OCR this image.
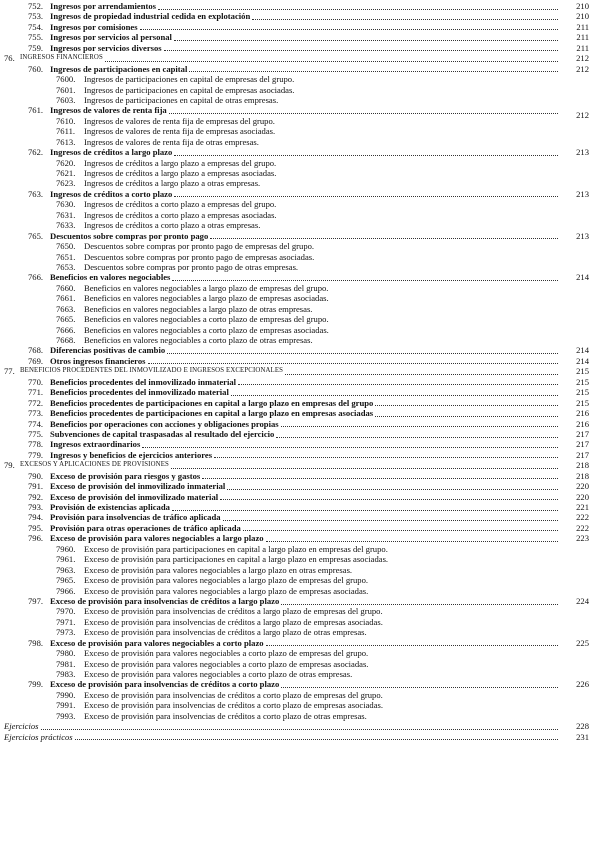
752. Ingresos por arrendamientos	210
753. Ingresos de propiedad industrial cedida en explotación	210
754. Ingresos por comisiones	211
755. Ingresos por servicios al personal	211
759. Ingresos por servicios diversos	211
76. INGRESOS FINANCIEROS	212
760. Ingresos de participaciones en capital	212
7600. Ingresos de participaciones en capital de empresas del grupo.
7601. Ingresos de participaciones en capital de empresas asociadas.
7603. Ingresos de participaciones en capital de otras empresas.
761. Ingresos de valores de renta fija	212
7610. Ingresos de valores de renta fija de empresas del grupo.
7611. Ingresos de valores de renta fija de empresas asociadas.
7613. Ingresos de valores de renta fija de otras empresas.
762. Ingresos de créditos a largo plazo	213
7620. Ingresos de créditos a largo plazo a empresas del grupo.
7621. Ingresos de créditos a largo plazo a empresas asociadas.
7623. Ingresos de créditos a largo plazo a otras empresas.
763. Ingresos de créditos a corto plazo	213
7630. Ingresos de créditos a corto plazo a empresas del grupo.
7631. Ingresos de créditos a corto plazo a empresas asociadas.
7633. Ingresos de créditos a corto plazo a otras empresas.
765. Descuentos sobre compras por pronto pago	213
7650. Descuentos sobre compras por pronto pago de empresas del grupo.
7651. Descuentos sobre compras por pronto pago de empresas asociadas.
7653. Descuentos sobre compras por pronto pago de otras empresas.
766. Beneficios en valores negociables	214
7660. Beneficios en valores negociables a largo plazo de empresas del grupo.
7661. Beneficios en valores negociables a largo plazo de empresas asociadas.
7663. Beneficios en valores negociables a largo plazo de otras empresas.
7665. Beneficios en valores negociables a corto plazo de empresas del grupo.
7666. Beneficios en valores negociables a corto plazo de empresas asociadas.
7668. Beneficios en valores negociables a corto plazo de otras empresas.
768. Diferencias positivas de cambio	214
769. Otros ingresos financieros	214
77. BENEFICIOS PROCEDENTES DEL INMOVILIZADO E INGRESOS EXCEPCIONALES	215
770. Beneficios procedentes del inmovilizado inmaterial	215
771. Beneficios procedentes del inmovilizado material	215
772. Beneficios procedentes de participaciones en capital a largo plazo en empresas del grupo	215
773. Beneficios procedentes de participaciones en capital a largo plazo en empresas asociadas	216
774. Beneficios por operaciones con acciones y obligaciones propias	216
775. Subvenciones de capital traspasadas al resultado del ejercicio	217
778. Ingresos extraordinarios	217
779. Ingresos y beneficios de ejercicios anteriores	217
79. EXCESOS Y APLICACIONES DE PROVISIONES	218
790. Exceso de provisión para riesgos y gastos	218
791. Exceso de provisión del inmovilizado inmaterial	220
792. Exceso de provisión del inmovilizado material	220
793. Provisión de existencias aplicada	221
794. Provisión para insolvencias de tráfico aplicada	222
795. Provisión para otras operaciones de tráfico aplicada	222
796. Exceso de provisión para valores negociables a largo plazo	223
7960. Exceso de provisión para participaciones en capital a largo plazo en empresas del grupo.
7961. Exceso de provisión para participaciones en capital a largo plazo en empresas asociadas.
7963. Exceso de provisión para valores negociables a largo plazo en otras empresas.
7965. Exceso de provisión para valores negociables a largo plazo de empresas del grupo.
7966. Exceso de provisión para valores negociables a largo plazo de empresas asociadas.
797. Exceso de provisión para insolvencias de créditos a largo plazo	224
7970. Exceso de provisión para insolvencias de créditos a largo plazo de empresas del grupo.
7971. Exceso de provisión para insolvencias de créditos a largo plazo de empresas asociadas.
7973. Exceso de provisión para insolvencias de créditos a largo plazo de otras empresas.
798. Exceso de provisión para valores negociables a corto plazo	225
7980. Exceso de provisión para valores negociables a corto plazo de empresas del grupo.
7981. Exceso de provisión para valores negociables a corto plazo de empresas asociadas.
7983. Exceso de provisión para valores negociables a corto plazo de otras empresas.
799. Exceso de provisión para insolvencias de créditos a corto plazo	226
7990. Exceso de provisión para insolvencias de créditos a corto plazo de empresas del grupo.
7991. Exceso de provisión para insolvencias de créditos a corto plazo de empresas asociadas.
7993. Exceso de provisión para insolvencias de créditos a corto plazo de otras empresas.
Ejercicios	228
Ejercicios prácticos	231
